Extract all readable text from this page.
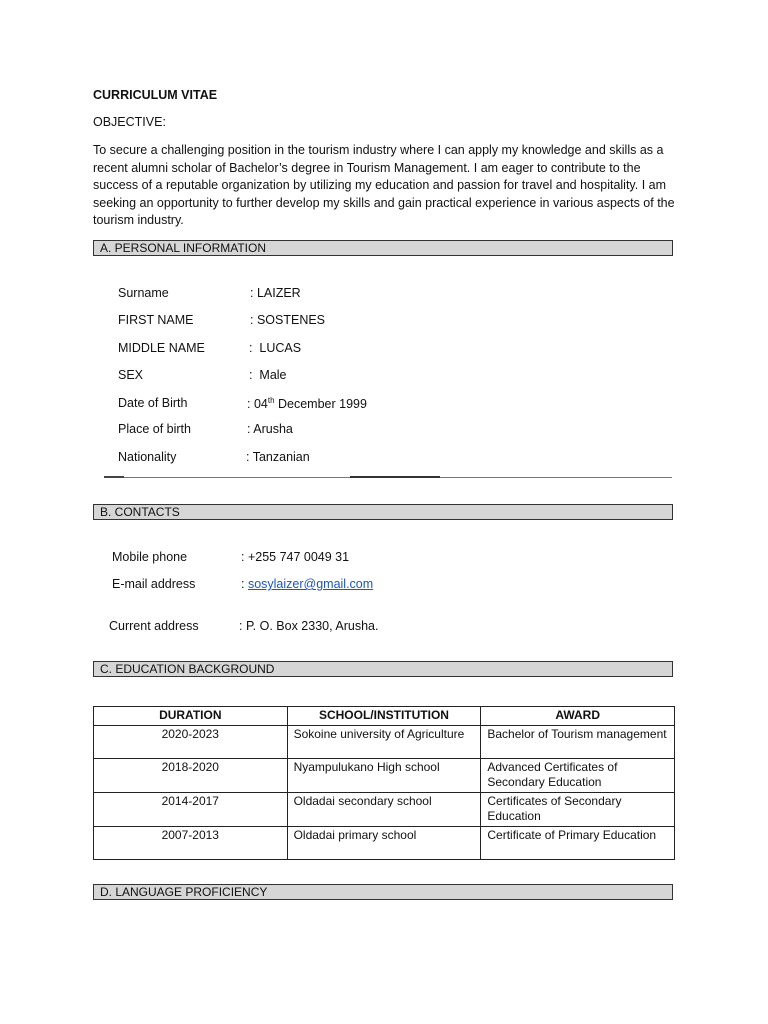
CURRICULUM VITAE
OBJECTIVE:
To secure a challenging position in the tourism industry where I can apply my knowledge and skills as a recent alumni scholar of Bachelor’s degree in Tourism Management. I am eager to contribute to the success of a reputable organization by utilizing my education and passion for travel and hospitality. I am seeking an opportunity to further develop my skills and gain practical experience in various aspects of the tourism industry.
A. PERSONAL INFORMATION
Surname	: LAIZER
FIRST NAME	: SOSTENES
MIDDLE NAME	:  LUCAS
SEX	:  Male
Date of Birth	: 04th December 1999
Place of birth	: Arusha
Nationality	: Tanzanian
B. CONTACTS
Mobile phone	: +255 747 0049 31
E-mail address	: sosylaizer@gmail.com
Current address	: P. O. Box 2330, Arusha.
C. EDUCATION BACKGROUND
DURATION	SCHOOL/INSTITUTION	AWARD
2020-2023	Sokoine university of Agriculture	Bachelor of Tourism management
2018-2020	Nyampulukano High school	Advanced Certificates of Secondary Education
2014-2017	Oldadai secondary school	Certificates of Secondary Education
2007-2013	Oldadai primary school	Certificate of Primary Education
D. LANGUAGE PROFICIENCY
